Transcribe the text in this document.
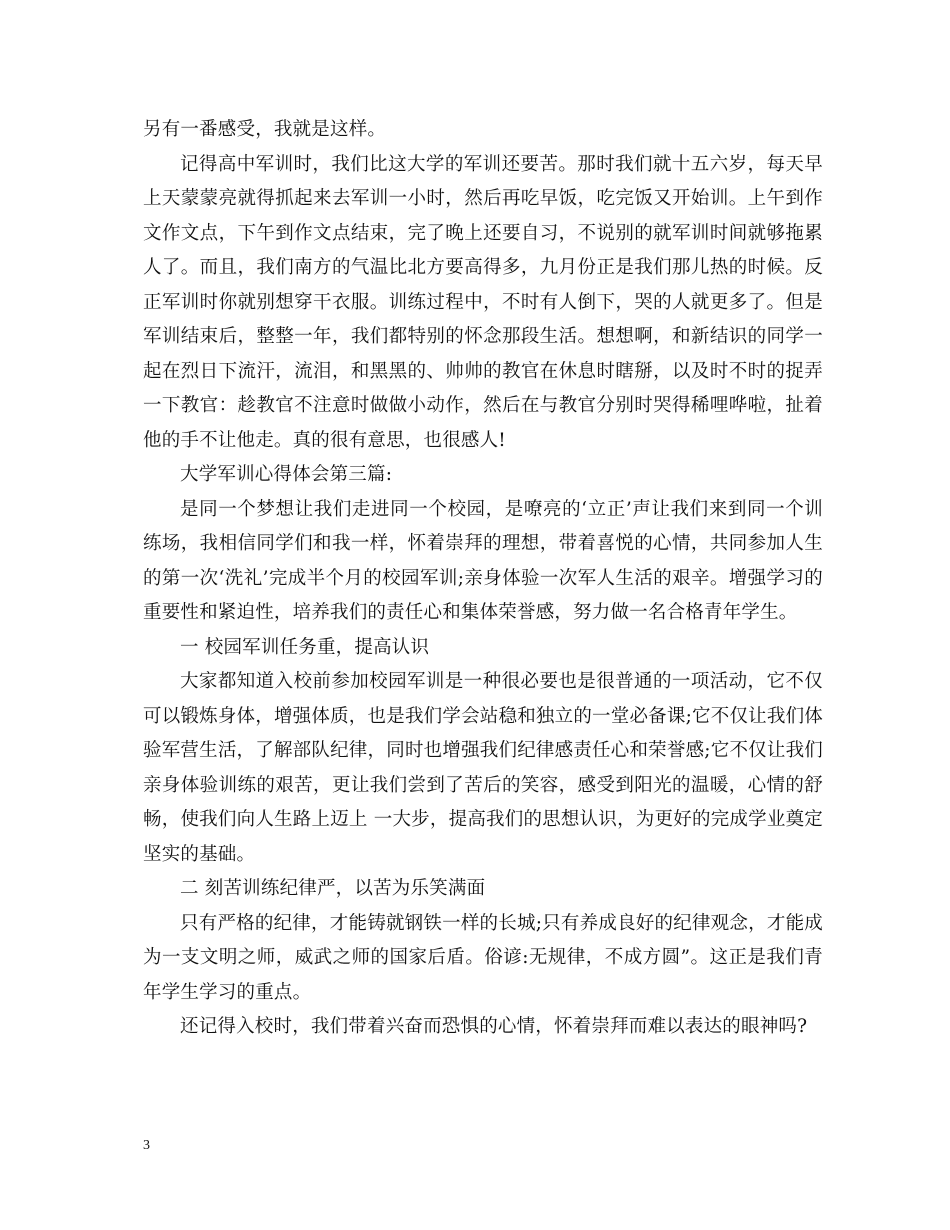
另有一番感受，我就是这样。

记得高中军训时，我们比这大学的军训还要苦。那时我们就十五六岁，每天早上天蒙蒙亮就得抓起来去军训一小时，然后再吃早饭，吃完饭又开始训。上午到作文作文点，下午到作文点结束，完了晚上还要自习，不说别的就军训时间就够拖累人了。而且，我们南方的气温比北方要高得多，九月份正是我们那儿热的时候。反正军训时你就别想穿干衣服。训练过程中，不时有人倒下，哭的人就更多了。但是军训结束后，整整一年，我们都特别的怀念那段生活。想想啊，和新结识的同学一起在烈日下流汗，流泪，和黑黑的、帅帅的教官在休息时瞎掰，以及时不时的捉弄一下教官：趁教官不注意时做做小动作，然后在与教官分别时哭得稀哩哗啦，扯着他的手不让他走。真的很有意思，也很感人!

大学军训心得体会第三篇:

是同一个梦想让我们走进同一个校园，是嘹亮的‘立正’声让我们来到同一个训练场，我相信同学们和我一样，怀着崇拜的理想，带着喜悦的心情，共同参加人生的第一次‘洗礼’完成半个月的校园军训;亲身体验一次军人生活的艰辛。增强学习的重要性和紧迫性，培养我们的责任心和集体荣誉感，努力做一名合格青年学生。

一 校园军训任务重，提高认识

大家都知道入校前参加校园军训是一种很必要也是很普通的一项活动，它不仅可以锻炼身体，增强体质，也是我们学会站稳和独立的一堂必备课;它不仅让我们体验军营生活，了解部队纪律，同时也增强我们纪律感责任心和荣誉感;它不仅让我们亲身体验训练的艰苦，更让我们尝到了苦后的笑容，感受到阳光的温暖，心情的舒畅，使我们向人生路上迈上 一大步，提高我们的思想认识，为更好的完成学业奠定坚实的基础。

二 刻苦训练纪律严，以苦为乐笑满面

只有严格的纪律，才能铸就钢铁一样的长城;只有养成良好的纪律观念，才能成为一支文明之师，威武之师的国家后盾。俗谚:无规律，不成方圆”。这正是我们青年学生学习的重点。

还记得入校时，我们带着兴奋而恐惧的心情，怀着崇拜而难以表达的眼神吗?

3
